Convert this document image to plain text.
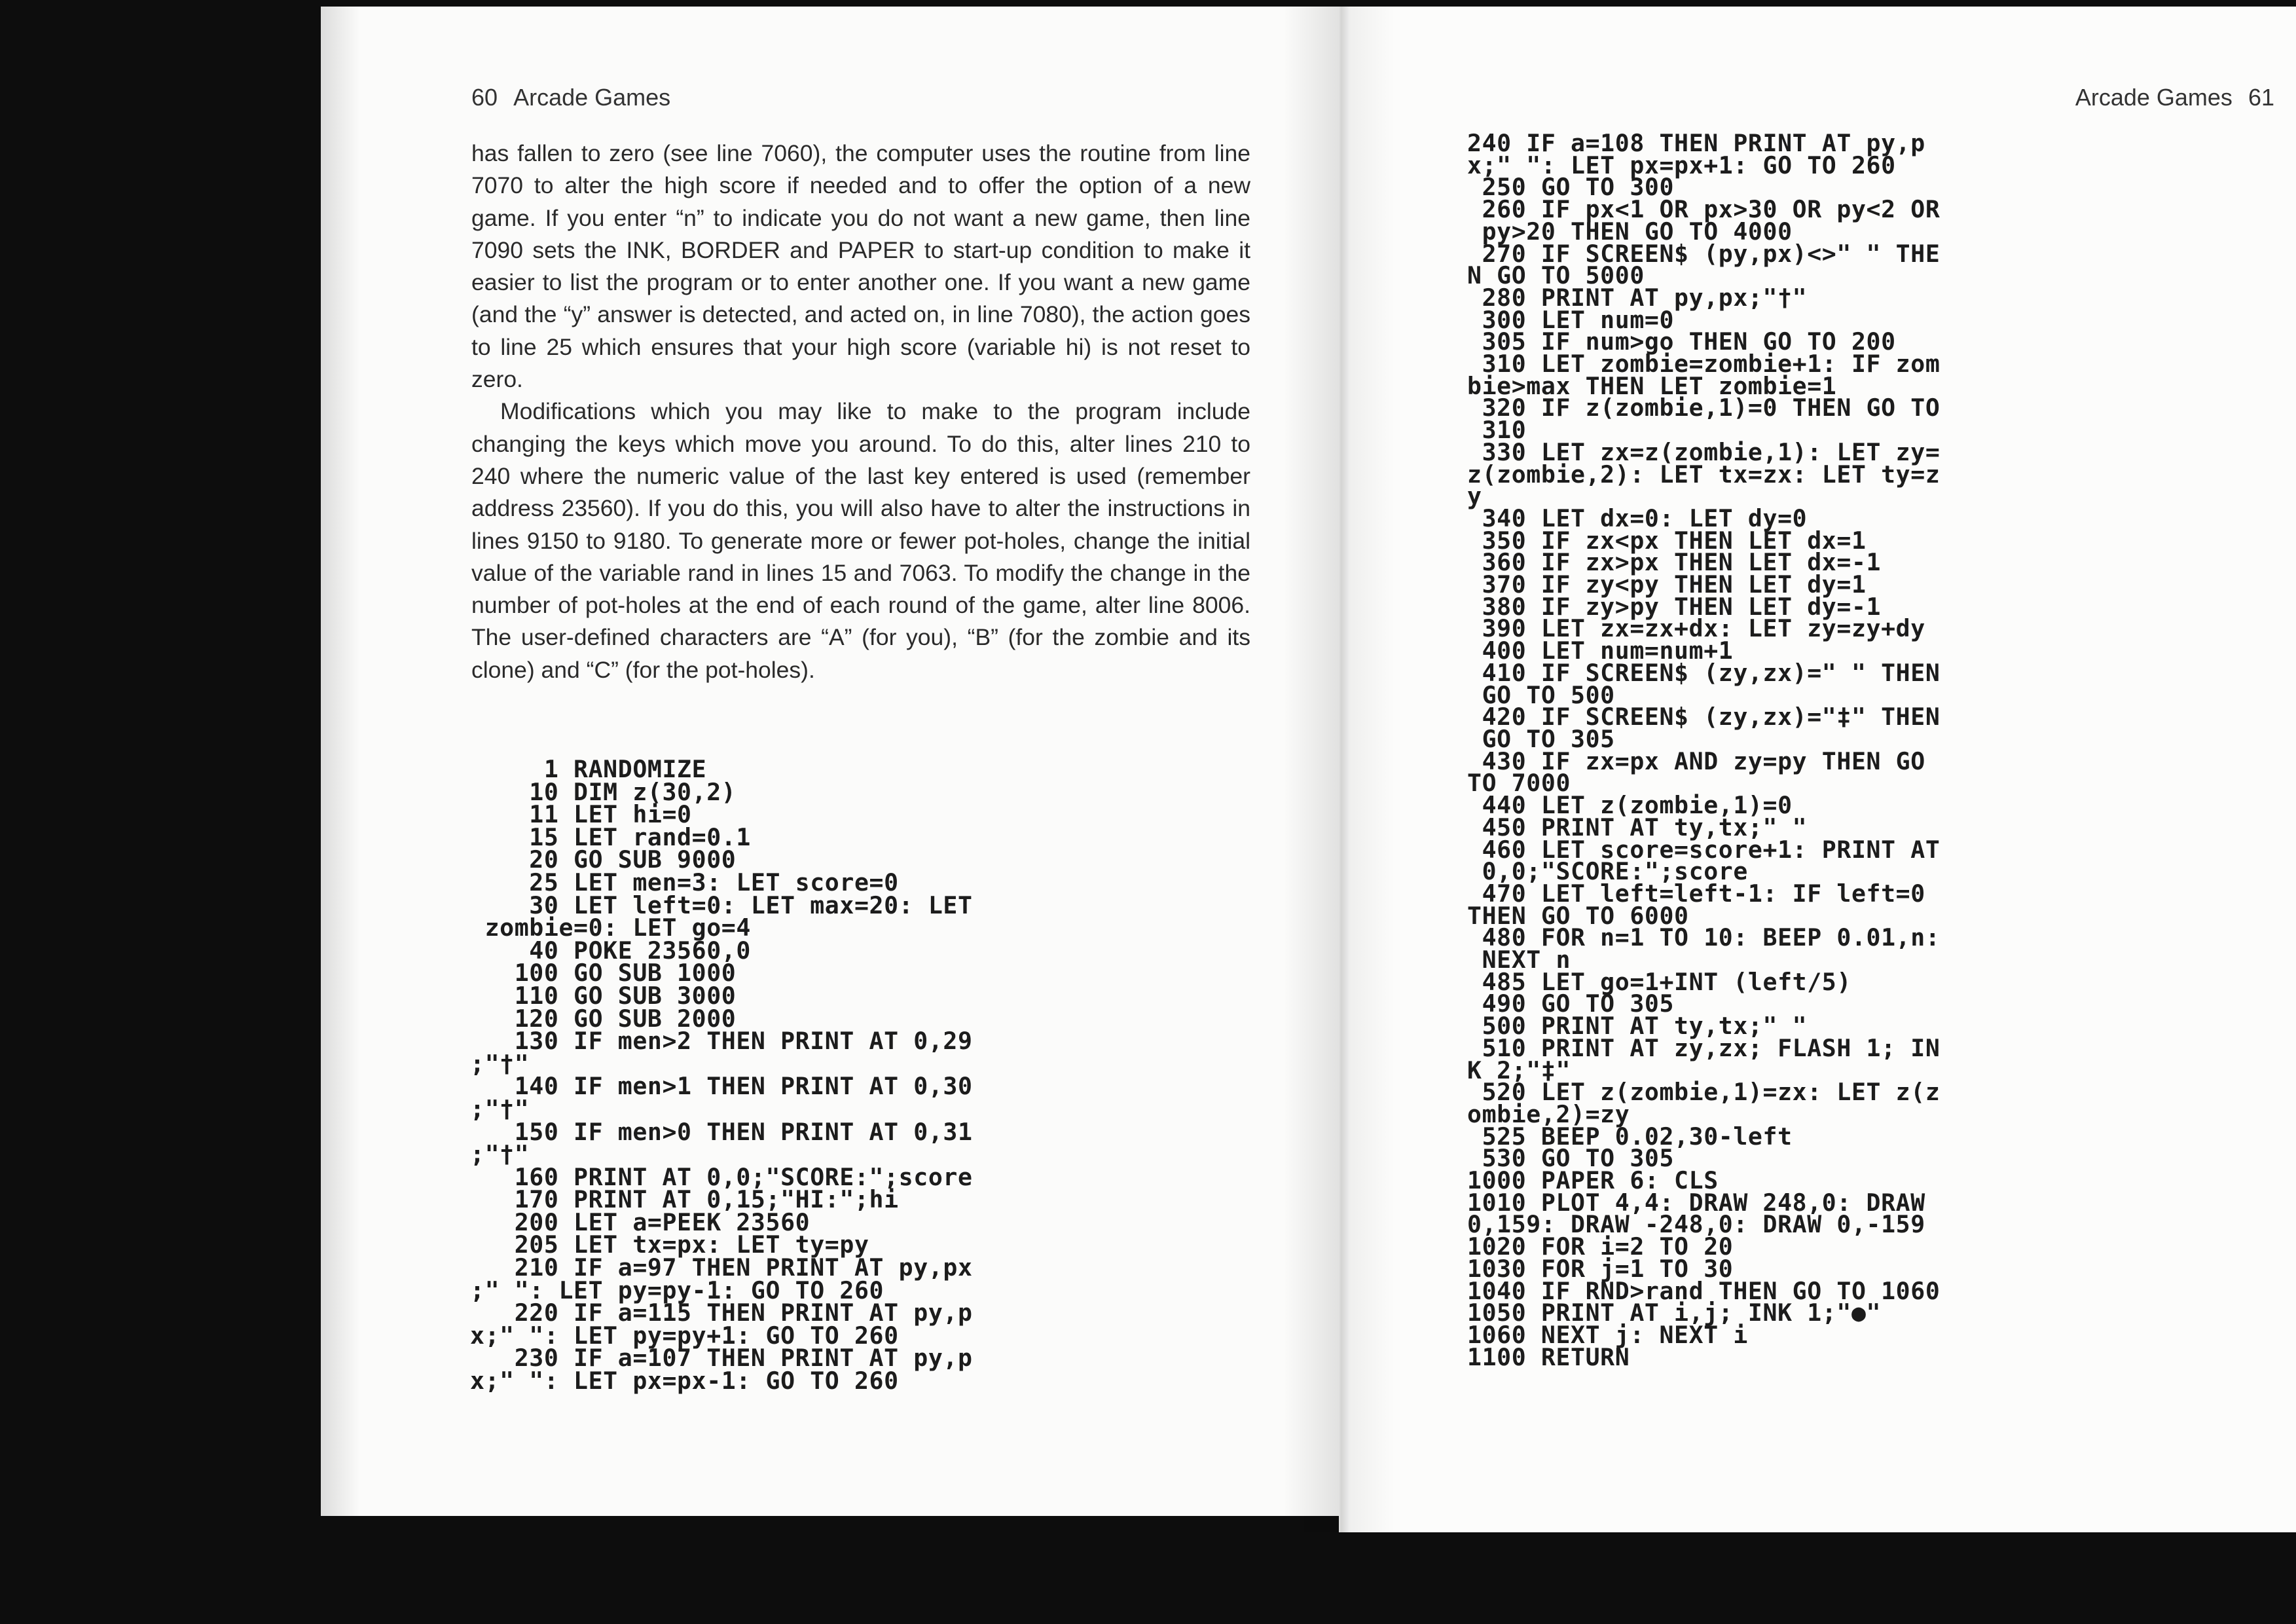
60 Arcade Games

has fallen to zero (see line 7060), the computer uses the routine from line 7070 to alter the high score if needed and to offer the option of a new game. If you enter “n” to indicate you do not want a new game, then line 7090 sets the INK, BORDER and PAPER to start-up condition to make it easier to list the program or to enter another one. If you want a new game (and the “y” answer is detected, and acted on, in line 7080), the action goes to line 25 which ensures that your high score (variable hi) is not reset to zero.

Modifications which you may like to make to the program include changing the keys which move you around. To do this, alter lines 210 to 240 where the numeric value of the last key entered is used (remember address 23560). If you do this, you will also have to alter the instructions in lines 9150 to 9180. To generate more or fewer pot-holes, change the initial value of the variable rand in lines 15 and 7063. To modify the change in the number of pot-holes at the end of each round of the game, alter line 8006. The user-defined characters are “A” (for you), “B” (for the zombie and its clone) and “C” (for the pot-holes).

1 RANDOMIZE
10 DIM z(30,2)
11 LET hi=0
15 LET rand=0.1
20 GO SUB 9000
25 LET men=3: LET score=0
30 LET left=0: LET max=20: LET
zombie=0: LET go=4
40 POKE 23560,0
100 GO SUB 1000
110 GO SUB 3000
120 GO SUB 2000
130 IF men>2 THEN PRINT AT 0,29
;"†"
140 IF men>1 THEN PRINT AT 0,30
;"†"
150 IF men>0 THEN PRINT AT 0,31
;"†"
160 PRINT AT 0,0;"SCORE:";score
170 PRINT AT 0,15;"HI:";hi
200 LET a=PEEK 23560
205 LET tx=px: LET ty=py
210 IF a=97 THEN PRINT AT py,px
;" ": LET py=py-1: GO TO 260
220 IF a=115 THEN PRINT AT py,p
x;" ": LET py=py+1: GO TO 260
230 IF a=107 THEN PRINT AT py,p
x;" ": LET px=px-1: GO TO 260
Arcade Games 61
240 IF a=108 THEN PRINT AT py,p
x;" ": LET px=px+1: GO TO 260
250 GO TO 300
260 IF px<1 OR px>30 OR py<2 OR
py>20 THEN GO TO 4000
270 IF SCREEN$ (py,px)<>" " THE
N GO TO 5000
280 PRINT AT py,px;"†"
300 LET num=0
305 IF num>go THEN GO TO 200
310 LET zombie=zombie+1: IF zom
bie>max THEN LET zombie=1
320 IF z(zombie,1)=0 THEN GO TO
310
330 LET zx=z(zombie,1): LET zy=
z(zombie,2): LET tx=zx: LET ty=z
y
340 LET dx=0: LET dy=0
350 IF zx<px THEN LET dx=1
360 IF zx>px THEN LET dx=-1
370 IF zy<py THEN LET dy=1
380 IF zy>py THEN LET dy=-1
390 LET zx=zx+dx: LET zy=zy+dy
400 LET num=num+1
410 IF SCREEN$ (zy,zx)=" " THEN
GO TO 500
420 IF SCREEN$ (zy,zx)="‡" THEN
GO TO 305
430 IF zx=px AND zy=py THEN GO
TO 7000
440 LET z(zombie,1)=0
450 PRINT AT ty,tx;" "
460 LET score=score+1: PRINT AT
0,0;"SCORE:";score
470 LET left=left-1: IF left=0
THEN GO TO 6000
480 FOR n=1 TO 10: BEEP 0.01,n:
NEXT n
485 LET go=1+INT (left/5)
490 GO TO 305
500 PRINT AT ty,tx;" "
510 PRINT AT zy,zx; FLASH 1; IN
K 2;"‡"
520 LET z(zombie,1)=zx: LET z(z
ombie,2)=zy
525 BEEP 0.02,30-left
530 GO TO 305
1000 PAPER 6: CLS
1010 PLOT 4,4: DRAW 248,0: DRAW
0,159: DRAW -248,0: DRAW 0,-159
1020 FOR i=2 TO 20
1030 FOR j=1 TO 30
1040 IF RND>rand THEN GO TO 1060
1050 PRINT AT i,j; INK 1;"●"
1060 NEXT j: NEXT i
1100 RETURN
